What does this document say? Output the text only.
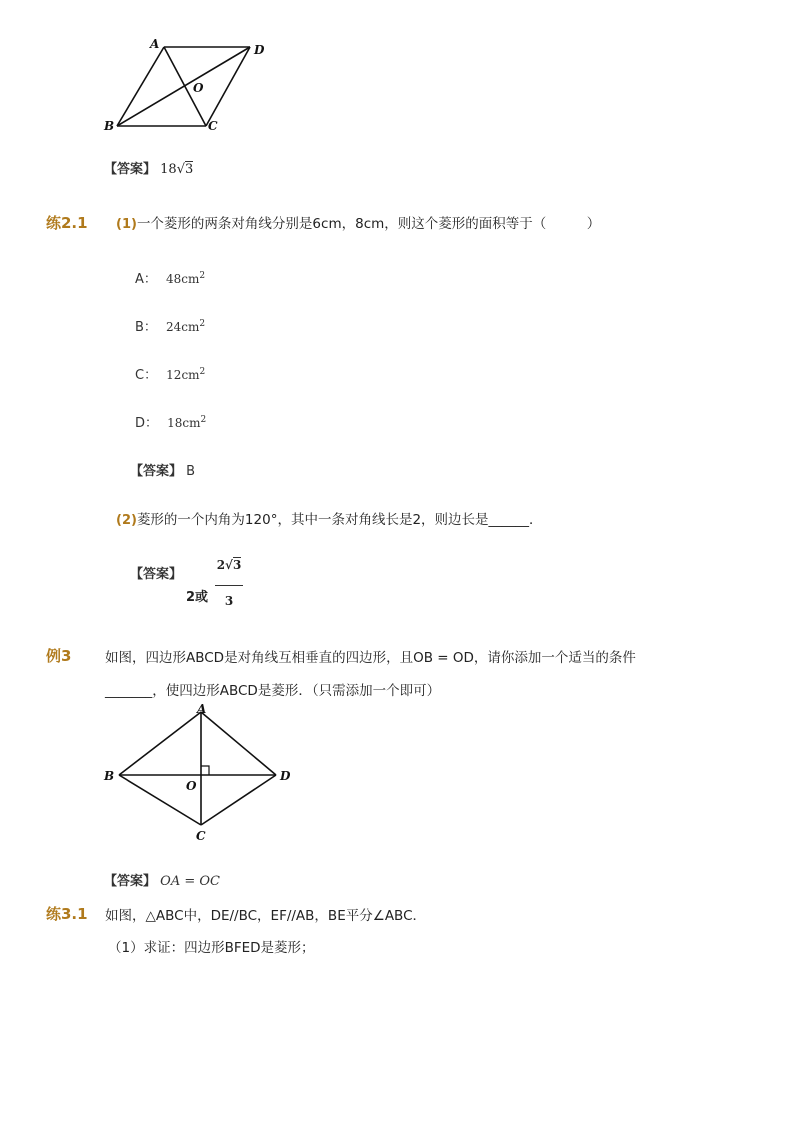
A	D
B	C
O
【答案】 18√3
练2.1 (1)一个菱形的两条对角线分别是6cm，8cm，则这个菱形的面积等于（　　　）
A： $48cm^2$
B： $24cm^2$
C： $12cm^2$
D： $18cm^2$
【答案】 B
(2)菱形的一个内角为120°，其中一条对角线长是2，则边长是______．
$^{【答案】}$
2或
2√3
3
例3 如图，四边形ABCD是对角线互相垂直的四边形，且OB = OD，请你添加一个适当的条件
_______，使四边形ABCD是菱形．（只需添加一个即可）
A
B
C
D
O
【答案】 OA = OC
练3.1 如图，△ABC中，DE//BC，EF//AB，BE平分∠ABC．
（1）求证：四边形BFED是菱形；
